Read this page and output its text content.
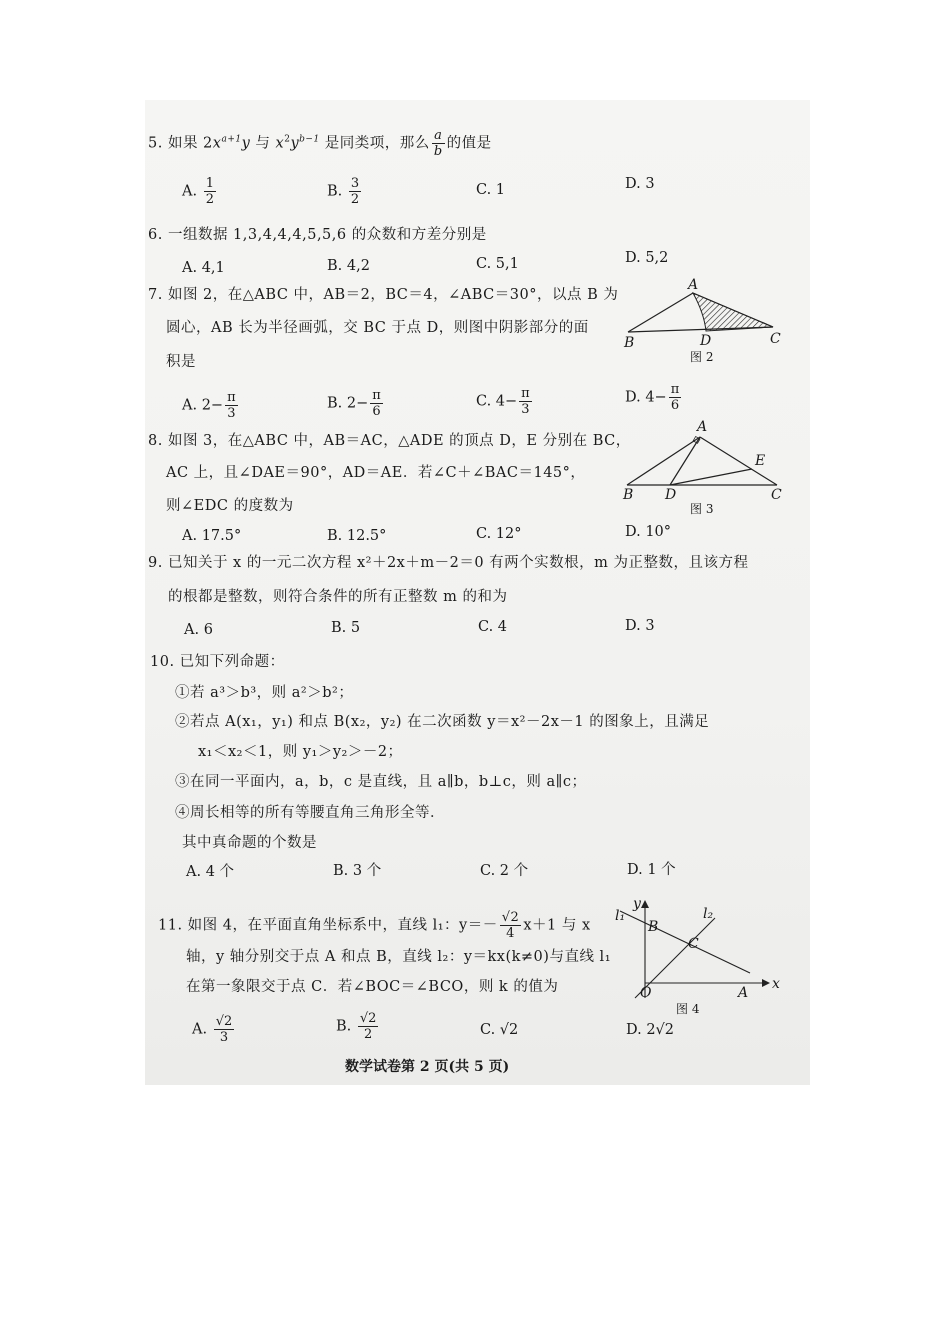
5. 如果 $2x^{a+1}y$ 与 $x^2y^{b-1}$ 是同类项，那么 $\frac{a}{b}$ 的值是
A. $\frac{1}{2}$	B. $\frac{3}{2}$	C. 1	D. 3
6. 一组数据 1,3,4,4,4,5,5,6 的众数和方差分别是
A. 4,1	B. 4,2	C. 5,1	D. 5,2
7. 如图 2，在△ABC 中，AB＝2，BC＝4，∠ABC＝30°，以点 B 为
圆心，AB 长为半径画弧，交 BC 于点 D，则图中阴影部分的面
积是
A. $2- \frac{\pi}{3}$	B. $2- \frac{\pi}{6}$	C. $4- \frac{\pi}{3}$	D. $4- \frac{\pi}{6}$
A
B	D	C
图 2
8. 如图 3，在△ABC 中，AB＝AC，△ADE 的顶点 D，E 分别在 BC，
AC 上，且∠DAE＝90°，AD＝AE．若∠C＋∠BAC＝145°，
则∠EDC 的度数为
A. 17.5°	B. 12.5°	C. 12°	D. 10°
A
B D
E
C
图 3
9. 已知关于 x 的一元二次方程 x²＋2x＋m－2＝0 有两个实数根，m 为正整数，且该方程
的根都是整数，则符合条件的所有正整数 m 的和为
A. 6	B. 5	C. 4	D. 3
10. 已知下列命题：
①若 a³＞b³，则 a²＞b²；
②若点 A(x₁，y₁) 和点 B(x₂，y₂) 在二次函数 y＝x²－2x－1 的图象上，且满足
x₁＜x₂＜1，则 y₁＞y₂＞－2；
③在同一平面内，a，b，c 是直线，且 a∥b，b⊥c，则 a∥c；
④周长相等的所有等腰直角三角形全等．
其中真命题的个数是
A. 4 个	B. 3 个	C. 2 个	D. 1 个
11. 如图 4，在平面直角坐标系中，直线 l₁：$y=- \frac{√2}{4} x+1$ 与 x
轴，y 轴分别交于点 A 和点 B，直线 l₂：y＝kx(k≠0)与直线 l₁
在第一象限交于点 C．若∠BOC＝∠BCO，则 k 的值为
A. $\frac{√2}{3}$	B. $\frac{√2}{2}$	C. √2	D. 2√2
y
x
l₁	l₂
B
C
O	A
图 4
数学试卷第 2 页(共 5 页)
